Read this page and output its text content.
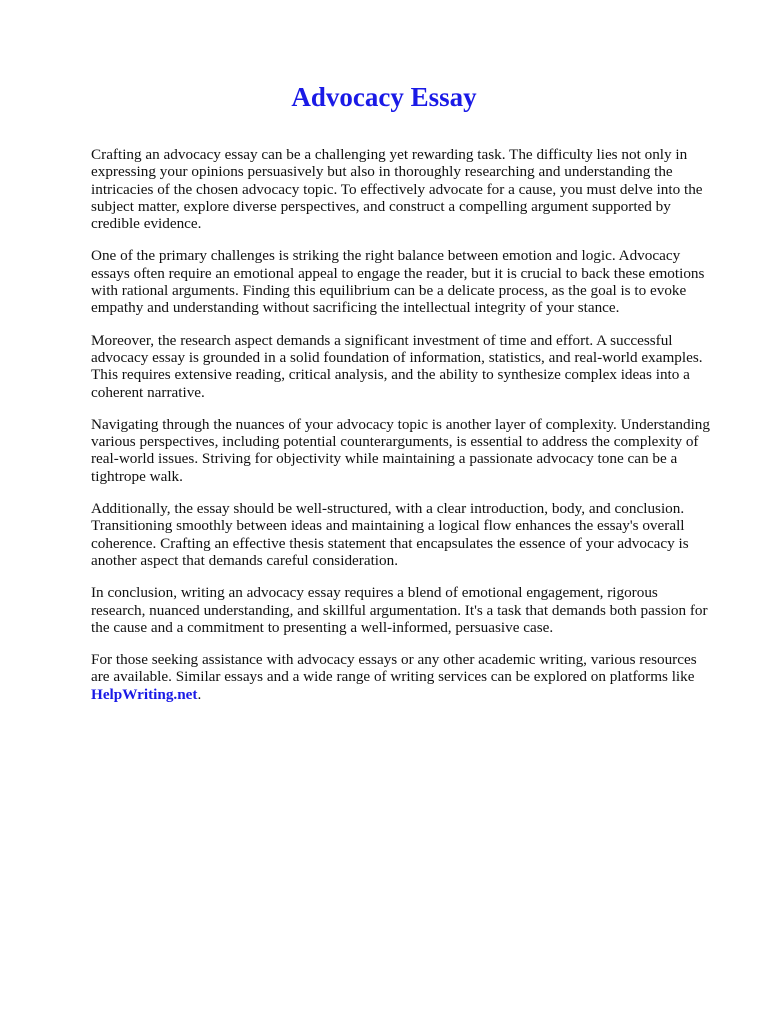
Advocacy Essay

Crafting an advocacy essay can be a challenging yet rewarding task. The difficulty lies not only in expressing your opinions persuasively but also in thoroughly researching and understanding the intricacies of the chosen advocacy topic. To effectively advocate for a cause, you must delve into the subject matter, explore diverse perspectives, and construct a compelling argument supported by credible evidence.

One of the primary challenges is striking the right balance between emotion and logic. Advocacy essays often require an emotional appeal to engage the reader, but it is crucial to back these emotions with rational arguments. Finding this equilibrium can be a delicate process, as the goal is to evoke empathy and understanding without sacrificing the intellectual integrity of your stance.

Moreover, the research aspect demands a significant investment of time and effort. A successful advocacy essay is grounded in a solid foundation of information, statistics, and real-world examples. This requires extensive reading, critical analysis, and the ability to synthesize complex ideas into a coherent narrative.

Navigating through the nuances of your advocacy topic is another layer of complexity. Understanding various perspectives, including potential counterarguments, is essential to address the complexity of real-world issues. Striving for objectivity while maintaining a passionate advocacy tone can be a tightrope walk.

Additionally, the essay should be well-structured, with a clear introduction, body, and conclusion. Transitioning smoothly between ideas and maintaining a logical flow enhances the essay's overall coherence. Crafting an effective thesis statement that encapsulates the essence of your advocacy is another aspect that demands careful consideration.

In conclusion, writing an advocacy essay requires a blend of emotional engagement, rigorous research, nuanced understanding, and skillful argumentation. It's a task that demands both passion for the cause and a commitment to presenting a well-informed, persuasive case.

For those seeking assistance with advocacy essays or any other academic writing, various resources are available. Similar essays and a wide range of writing services can be explored on platforms like HelpWriting.net.
